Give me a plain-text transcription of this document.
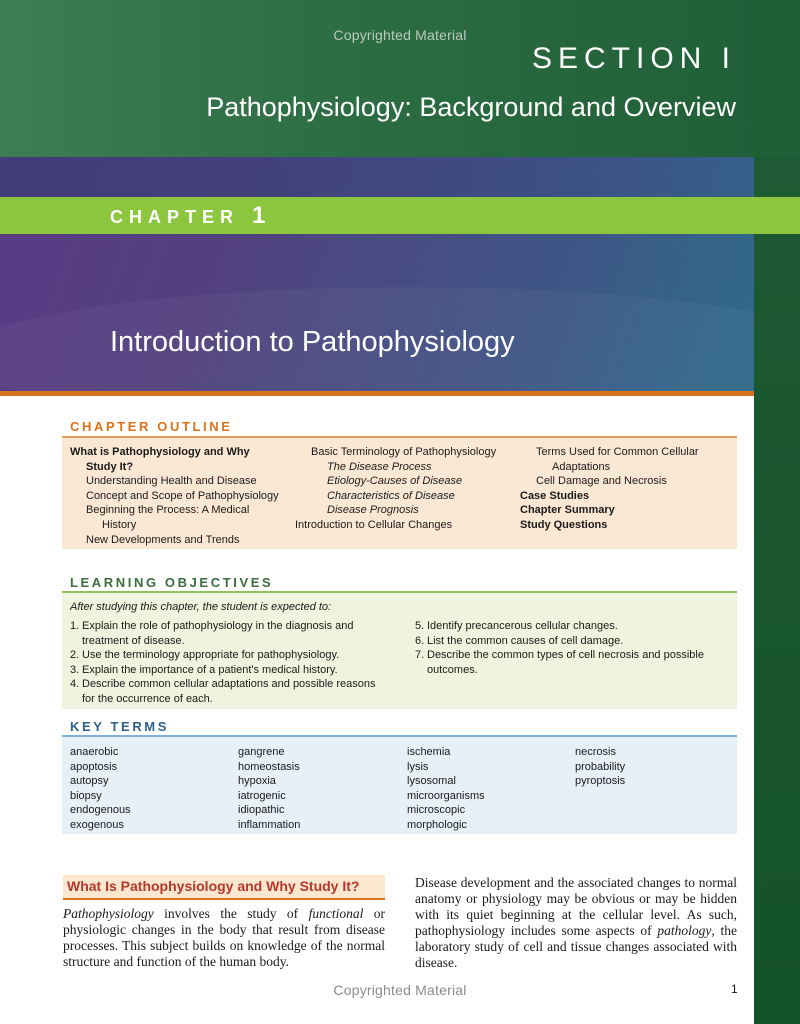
Copyrighted Material
SECTION I
Pathophysiology: Background and Overview
CHAPTER 1
Introduction to Pathophysiology
CHAPTER OUTLINE
What is Pathophysiology and Why
Study It?
Understanding Health and Disease
Concept and Scope of Pathophysiology
Beginning the Process: A Medical
History
New Developments and Trends
Basic Terminology of Pathophysiology
The Disease Process
Etiology-Causes of Disease
Characteristics of Disease
Disease Prognosis
Introduction to Cellular Changes
Terms Used for Common Cellular
Adaptations
Cell Damage and Necrosis
Case Studies
Chapter Summary
Study Questions
LEARNING OBJECTIVES
After studying this chapter, the student is expected to:
1. Explain the role of pathophysiology in the diagnosis and
treatment of disease.
2. Use the terminology appropriate for pathophysiology.
3. Explain the importance of a patient's medical history.
4. Describe common cellular adaptations and possible reasons
for the occurrence of each.
5. Identify precancerous cellular changes.
6. List the common causes of cell damage.
7. Describe the common types of cell necrosis and possible
outcomes.
KEY TERMS
anaerobic
apoptosis
autopsy
biopsy
endogenous
exogenous
gangrene
homeostasis
hypoxia
iatrogenic
idiopathic
inflammation
ischemia
lysis
lysosomal
microorganisms
microscopic
morphologic
necrosis
probability
pyroptosis
What Is Pathophysiology and Why Study It?
Pathophysiology involves the study of functional or physiologic changes in the body that result from disease processes. This subject builds on knowledge of the normal structure and function of the human body.
Disease development and the associated changes to normal anatomy or physiology may be obvious or may be hidden with its quiet beginning at the cellular level. As such, pathophysiology includes some aspects of pathology, the laboratory study of cell and tissue changes associated with disease.
Copyrighted Material	1
